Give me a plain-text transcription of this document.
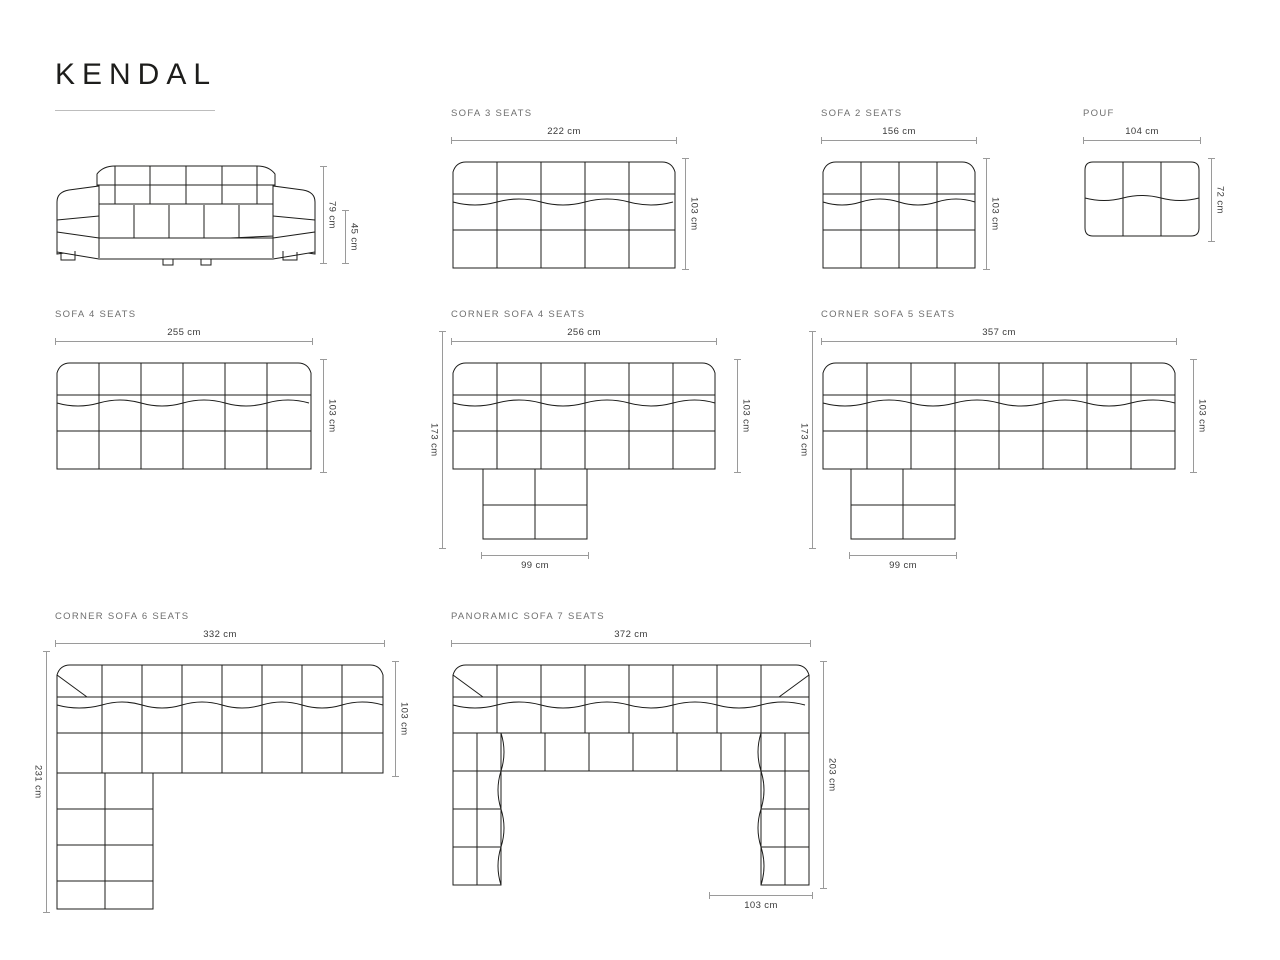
KENDAL
79 cm
45 cm
SOFA 3 SEATS
222 cm
103 cm
SOFA 2 SEATS
156 cm
103 cm
POUF
104 cm
72 cm
SOFA 4 SEATS
255 cm
103 cm
CORNER SOFA 4 SEATS
256 cm
103 cm
173 cm
99 cm
CORNER SOFA 5 SEATS
357 cm
103 cm
173 cm
99 cm
CORNER SOFA 6 SEATS
332 cm
103 cm
231 cm
PANORAMIC SOFA 7 SEATS
372 cm
203 cm
103 cm
